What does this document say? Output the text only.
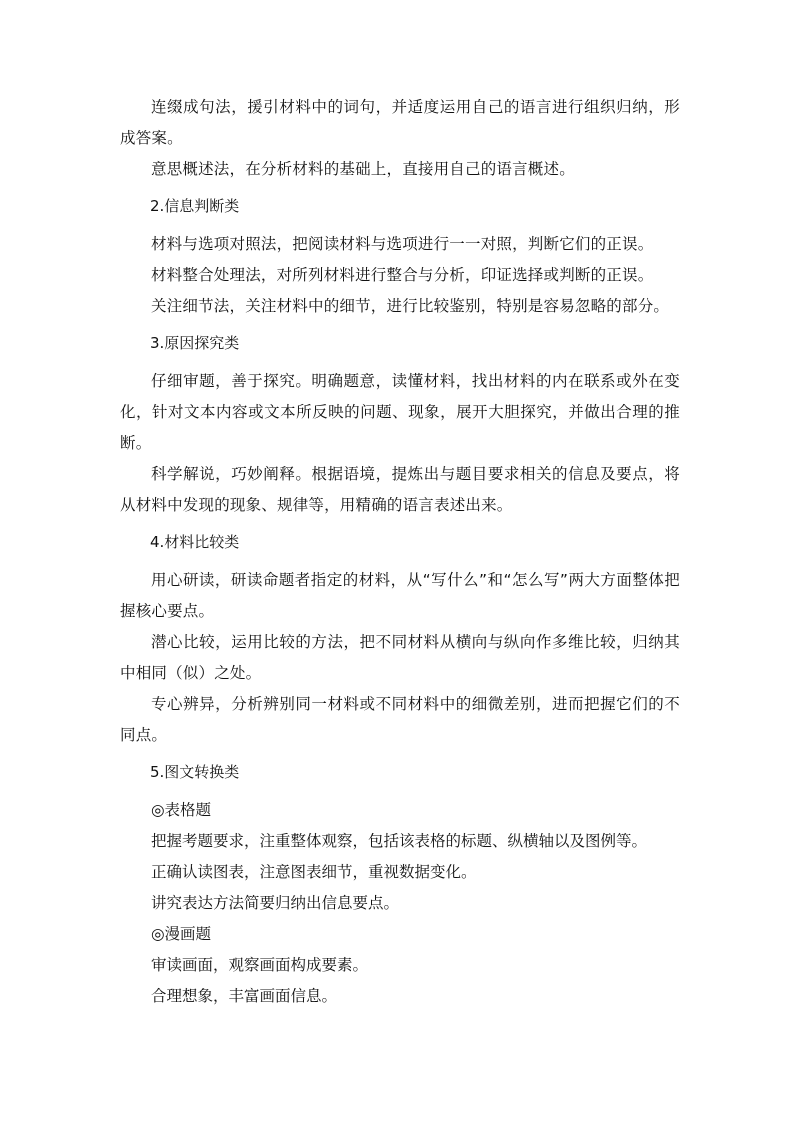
连缀成句法，援引材料中的词句，并适度运用自己的语言进行组织归纳，形成答案。

意思概述法，在分析材料的基础上，直接用自己的语言概述。

2.信息判断类

材料与选项对照法，把阅读材料与选项进行一一对照，判断它们的正误。

材料整合处理法，对所列材料进行整合与分析，印证选择或判断的正误。

关注细节法，关注材料中的细节，进行比较鉴别，特别是容易忽略的部分。

3.原因探究类

仔细审题，善于探究。明确题意，读懂材料，找出材料的内在联系或外在变化，针对文本内容或文本所反映的问题、现象，展开大胆探究，并做出合理的推断。

科学解说，巧妙阐释。根据语境，提炼出与题目要求相关的信息及要点，将从材料中发现的现象、规律等，用精确的语言表述出来。

4.材料比较类

用心研读，研读命题者指定的材料，从“写什么”和“怎么写”两大方面整体把握核心要点。

潜心比较，运用比较的方法，把不同材料从横向与纵向作多维比较，归纳其中相同（似）之处。

专心辨异，分析辨别同一材料或不同材料中的细微差别，进而把握它们的不同点。

5.图文转换类

◎表格题

把握考题要求，注重整体观察，包括该表格的标题、纵横轴以及图例等。

正确认读图表，注意图表细节，重视数据变化。

讲究表达方法简要归纳出信息要点。

◎漫画题

审读画面，观察画面构成要素。

合理想象，丰富画面信息。
